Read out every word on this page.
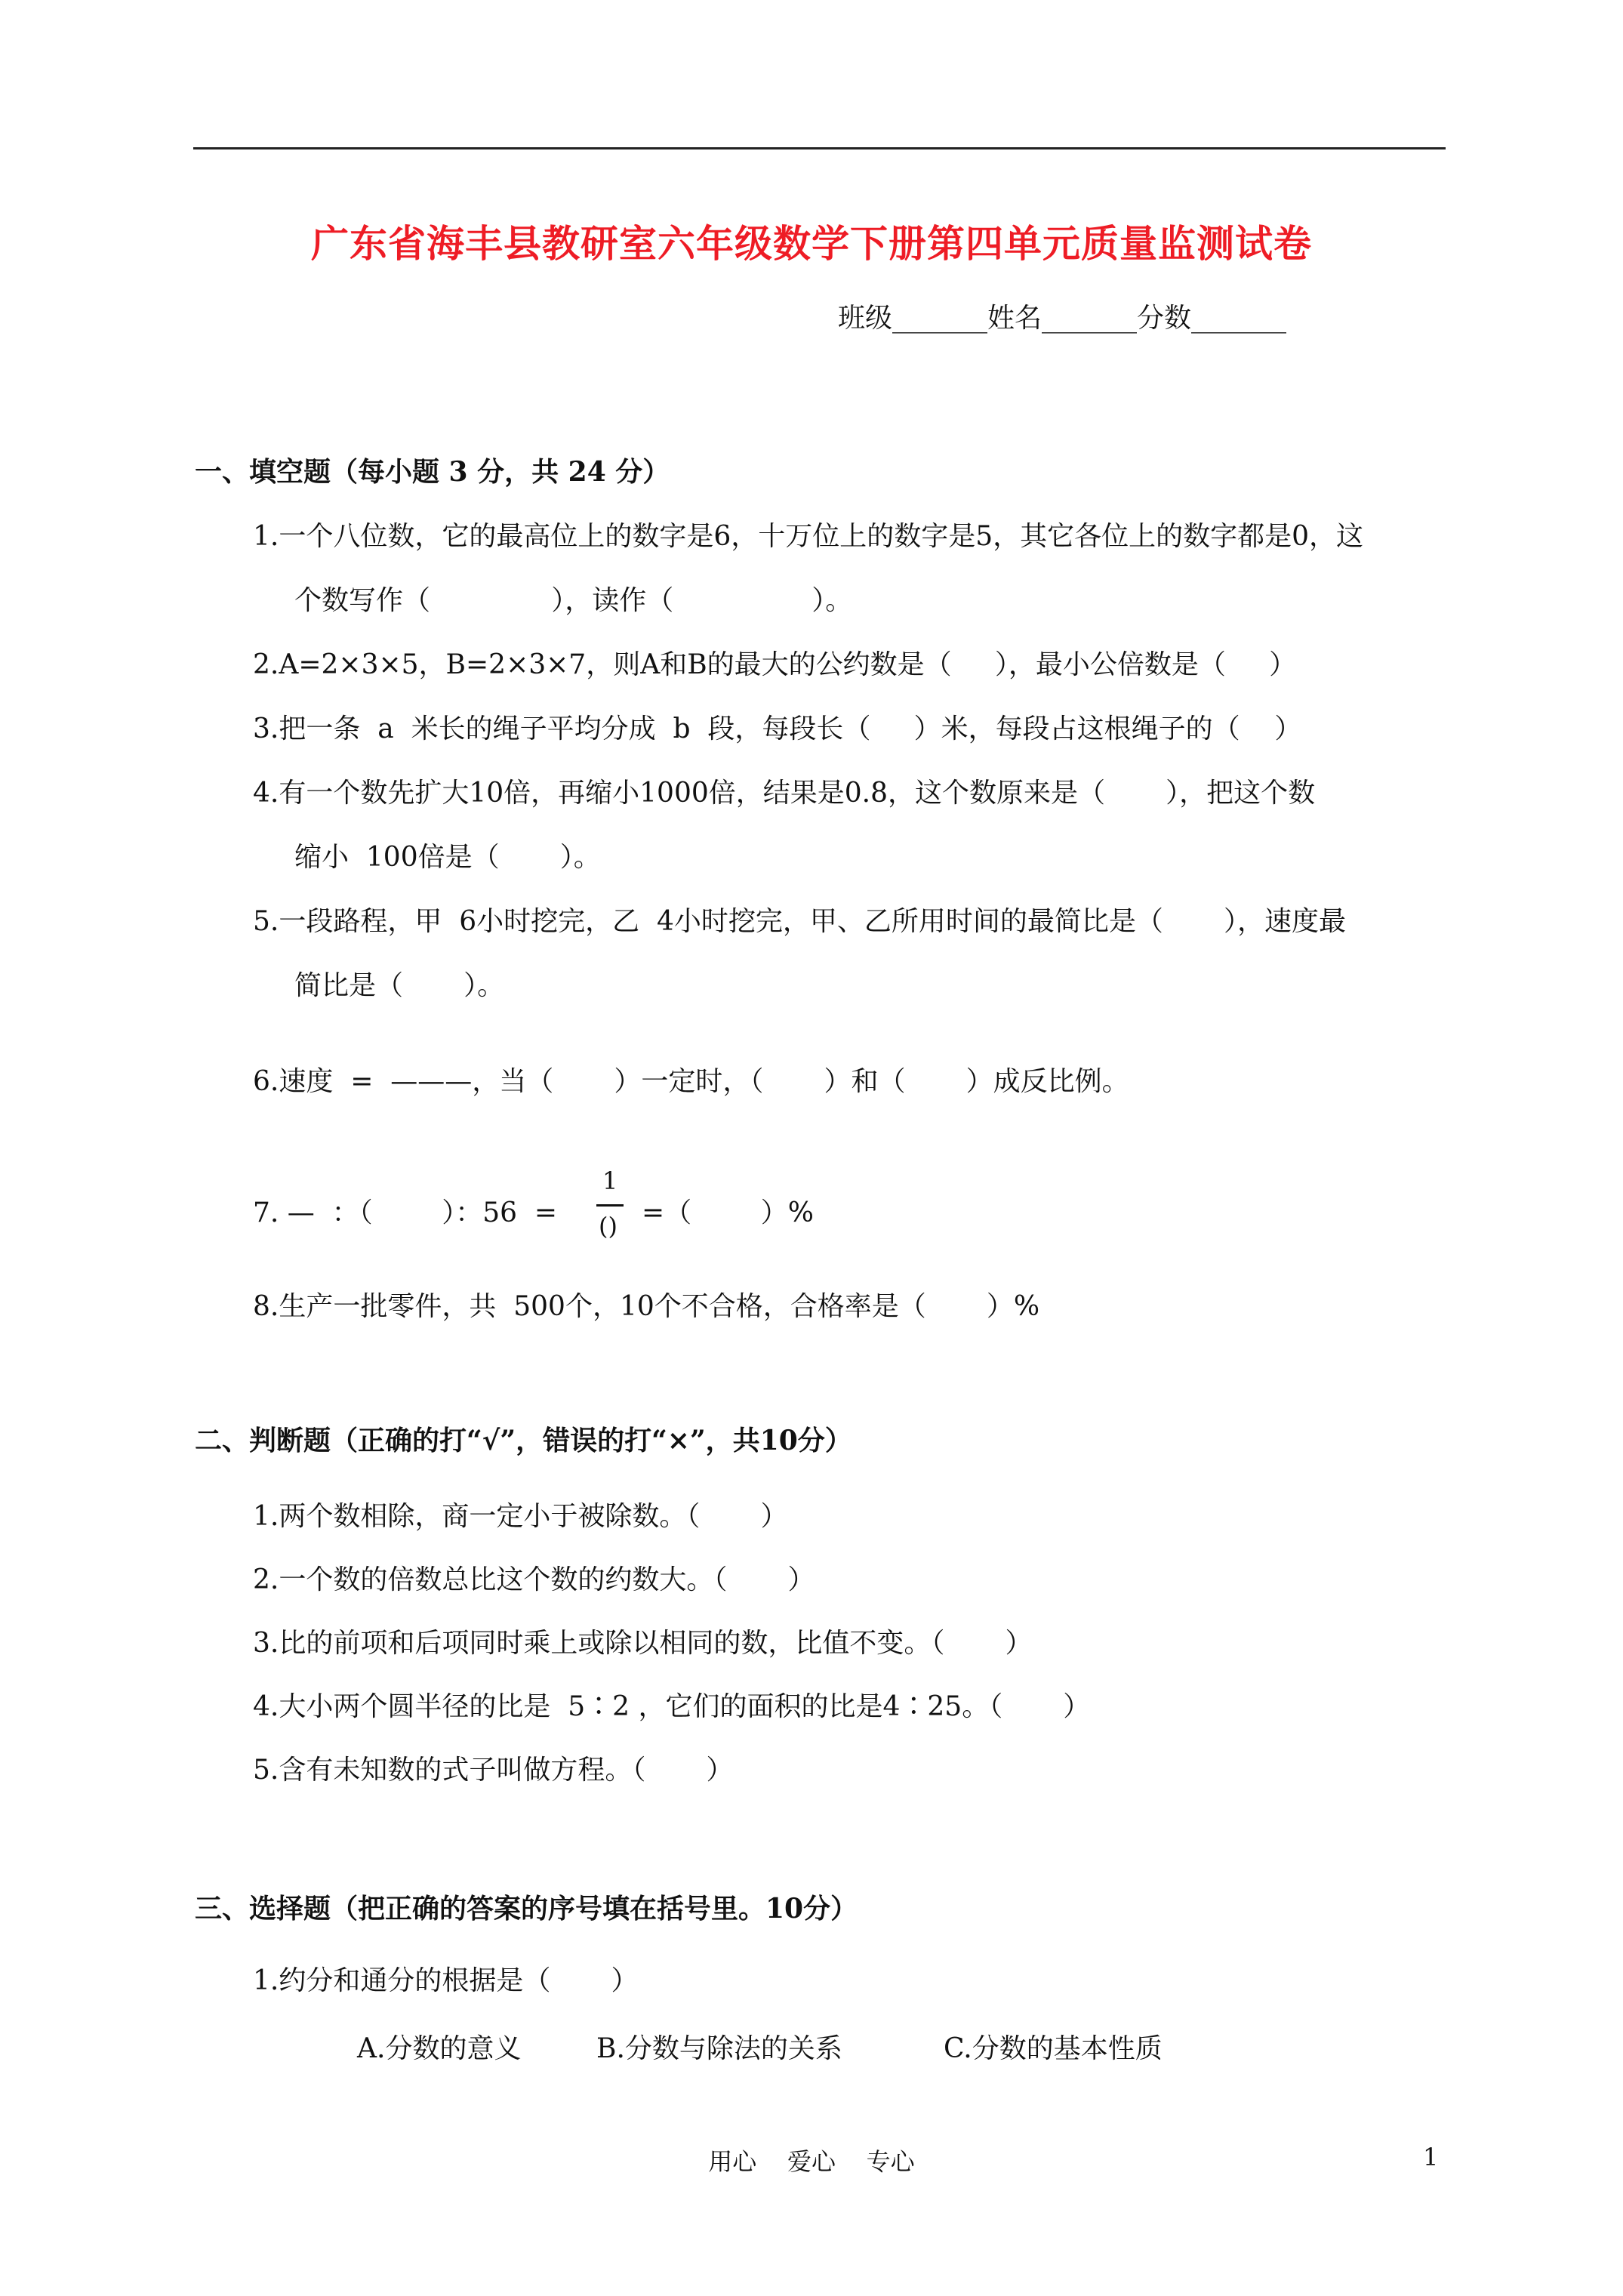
广东省海丰县教研室六年级数学下册第四单元质量监测试卷
班级_______姓名_______分数_______
一、填空题（每小题 3 分，共 24 分）
1.一个八位数，它的最高位上的数字是6，十万位上的数字是5，其它各位上的数字都是0，这
个数写作（              ），读作（                ）。
2.A=2×3×5，B=2×3×7，则A和B的最大的公约数是（     ），最小公倍数是（     ）
3.把一条  a  米长的绳子平均分成  b  段，每段长（     ）米，每段占这根绳子的（    ）
4.有一个数先扩大10倍，再缩小1000倍，结果是0.8，这个数原来是（       ），把这个数
缩小  100倍是（       ）。
5.一段路程，甲  6小时挖完，乙  4小时挖完，甲、乙所用时间的最简比是（       ），速度最
简比是（       ）。
6.速度  =  ———，当（       ）一定时，（       ）和（       ）成反比例。
7. —  ：（        ）：56  =
1
() =（        ）%
8.生产一批零件，共  500个，10个不合格，合格率是（       ）%
二、判断题（正确的打“√”，错误的打“×”，共10分）
1.两个数相除，商一定小于被除数。（       ）
2.一个数的倍数总比这个数的约数大。（       ）
3.比的前项和后项同时乘上或除以相同的数，比值不变。（       ）
4.大小两个圆半径的比是  5∶2 ，它们的面积的比是4∶25。（       ）
5.含有未知数的式子叫做方程。（       ）
三、选择题（把正确的答案的序号填在括号里。10分）
1.约分和通分的根据是（       ）
A.分数的意义	B.分数与除法的关系	C.分数的基本性质
用心    爱心    专心	1
